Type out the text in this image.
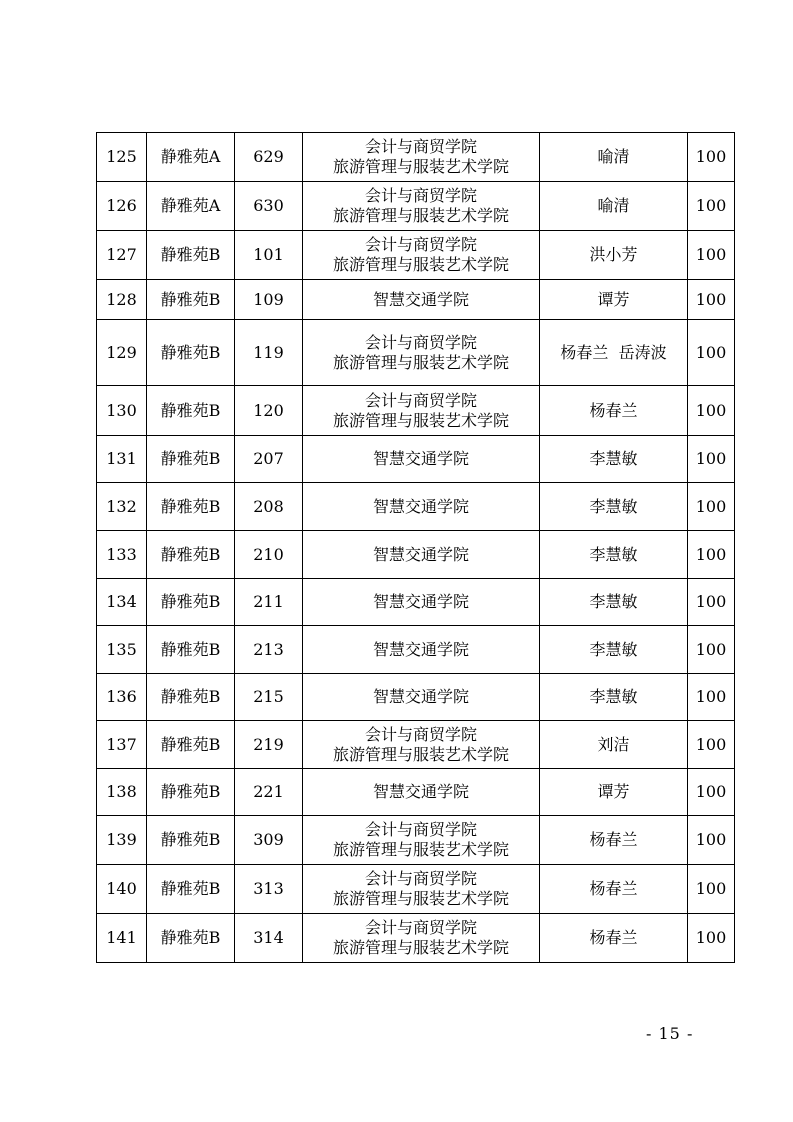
125	静雅苑A	629	会计与商贸学院
旅游管理与服装艺术学院	喻清	100
126	静雅苑A	630	会计与商贸学院
旅游管理与服装艺术学院	喻清	100
127	静雅苑B	101	会计与商贸学院
旅游管理与服装艺术学院	洪小芳	100
128	静雅苑B	109	智慧交通学院	谭芳	100
129	静雅苑B	119	会计与商贸学院
旅游管理与服装艺术学院	杨春兰  岳涛波	100
130	静雅苑B	120	会计与商贸学院
旅游管理与服装艺术学院	杨春兰	100
131	静雅苑B	207	智慧交通学院	李慧敏	100
132	静雅苑B	208	智慧交通学院	李慧敏	100
133	静雅苑B	210	智慧交通学院	李慧敏	100
134	静雅苑B	211	智慧交通学院	李慧敏	100
135	静雅苑B	213	智慧交通学院	李慧敏	100
136	静雅苑B	215	智慧交通学院	李慧敏	100
137	静雅苑B	219	会计与商贸学院
旅游管理与服装艺术学院	刘洁	100
138	静雅苑B	221	智慧交通学院	谭芳	100
139	静雅苑B	309	会计与商贸学院
旅游管理与服装艺术学院	杨春兰	100
140	静雅苑B	313	会计与商贸学院
旅游管理与服装艺术学院	杨春兰	100
141	静雅苑B	314	会计与商贸学院
旅游管理与服装艺术学院	杨春兰	100
- 15 -
